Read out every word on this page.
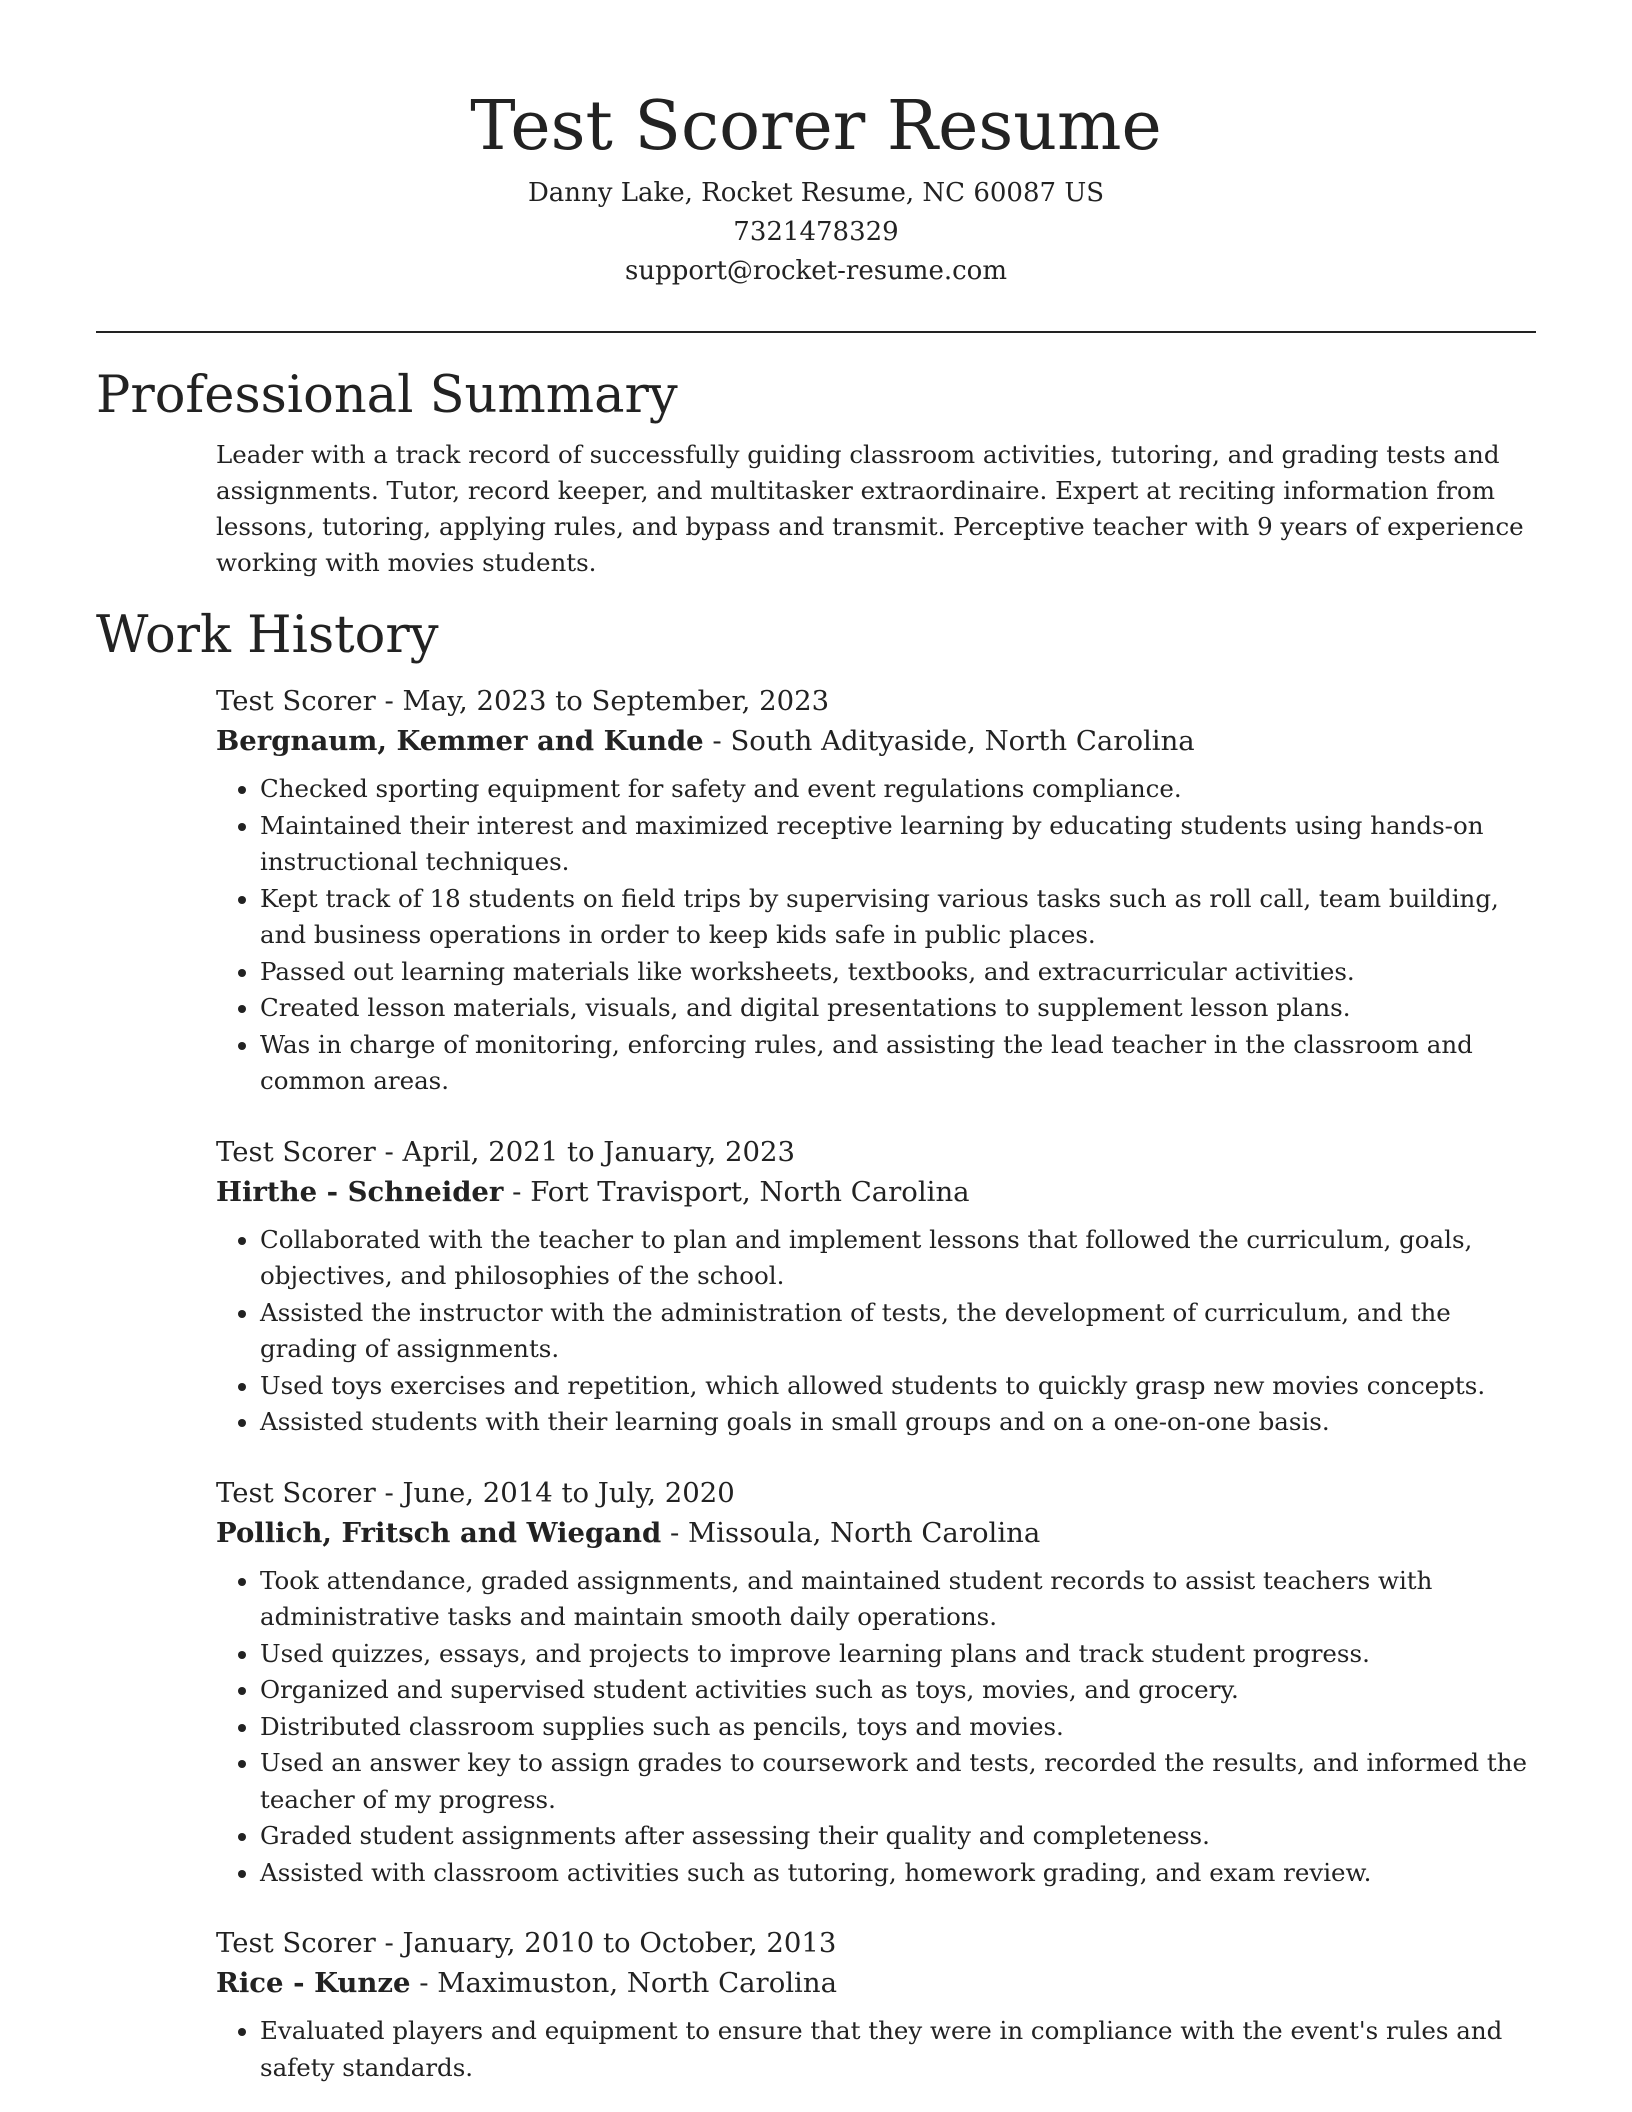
Test Scorer Resume
Danny Lake, Rocket Resume, NC 60087 US
7321478329
support@rocket-resume.com
Professional Summary

Leader with a track record of successfully guiding classroom activities, tutoring, and grading tests and assignments. Tutor, record keeper, and multitasker extraordinaire. Expert at reciting information from lessons, tutoring, applying rules, and bypass and transmit. Perceptive teacher with 9 years of experience working with movies students.

Work History
Test Scorer - May, 2023 to September, 2023
Bergnaum, Kemmer and Kunde - South Adityaside, North Carolina
• Checked sporting equipment for safety and event regulations compliance.
• Maintained their interest and maximized receptive learning by educating students using hands-on instructional techniques.
• Kept track of 18 students on field trips by supervising various tasks such as roll call, team building, and business operations in order to keep kids safe in public places.
• Passed out learning materials like worksheets, textbooks, and extracurricular activities.
• Created lesson materials, visuals, and digital presentations to supplement lesson plans.
• Was in charge of monitoring, enforcing rules, and assisting the lead teacher in the classroom and common areas.
Test Scorer - April, 2021 to January, 2023
Hirthe - Schneider - Fort Travisport, North Carolina
• Collaborated with the teacher to plan and implement lessons that followed the curriculum, goals, objectives, and philosophies of the school.
• Assisted the instructor with the administration of tests, the development of curriculum, and the grading of assignments.
• Used toys exercises and repetition, which allowed students to quickly grasp new movies concepts.
• Assisted students with their learning goals in small groups and on a one-on-one basis.
Test Scorer - June, 2014 to July, 2020
Pollich, Fritsch and Wiegand - Missoula, North Carolina
• Took attendance, graded assignments, and maintained student records to assist teachers with administrative tasks and maintain smooth daily operations.
• Used quizzes, essays, and projects to improve learning plans and track student progress.
• Organized and supervised student activities such as toys, movies, and grocery.
• Distributed classroom supplies such as pencils, toys and movies.
• Used an answer key to assign grades to coursework and tests, recorded the results, and informed the teacher of my progress.
• Graded student assignments after assessing their quality and completeness.
• Assisted with classroom activities such as tutoring, homework grading, and exam review.
Test Scorer - January, 2010 to October, 2013
Rice - Kunze - Maximuston, North Carolina
• Evaluated players and equipment to ensure that they were in compliance with the event's rules and safety standards.
